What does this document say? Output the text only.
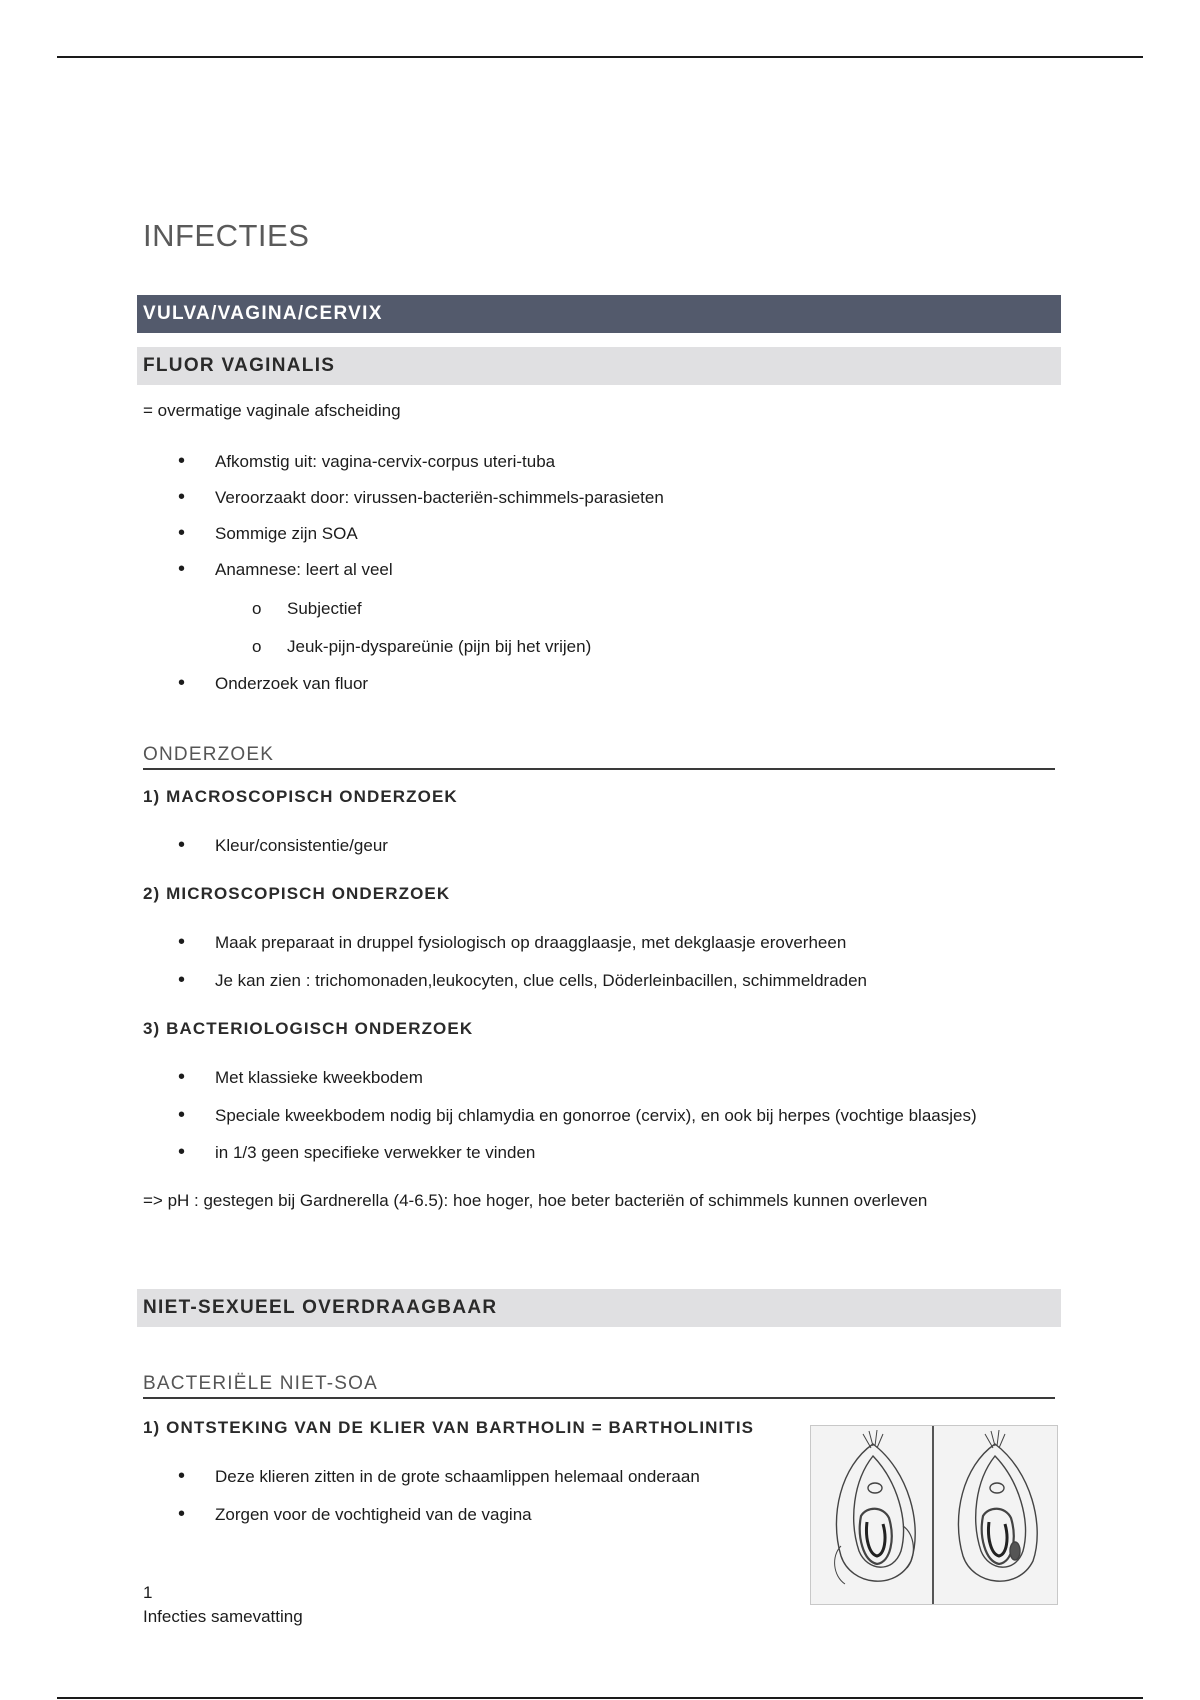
INFECTIES
VULVA/VAGINA/CERVIX
FLUOR VAGINALIS
= overmatige vaginale afscheiding
• Afkomstig uit: vagina-cervix-corpus uteri-tuba
• Veroorzaakt door: virussen-bacteriën-schimmels-parasieten
• Sommige zijn SOA
• Anamnese: leert al veel
o Subjectief
o Jeuk-pijn-dyspareünie (pijn bij het vrijen)
• Onderzoek van fluor
ONDERZOEK
1) MACROSCOPISCH ONDERZOEK
• Kleur/consistentie/geur
2) MICROSCOPISCH ONDERZOEK
• Maak preparaat in druppel fysiologisch op draagglaasje, met dekglaasje eroverheen
• Je kan zien : trichomonaden,leukocyten, clue cells, Döderleinbacillen, schimmeldraden
3) BACTERIOLOGISCH ONDERZOEK
• Met klassieke kweekbodem
• Speciale kweekbodem nodig bij chlamydia en gonorroe (cervix), en ook bij herpes (vochtige blaasjes)
• in 1/3 geen specifieke verwekker te vinden
=> pH : gestegen bij Gardnerella (4-6.5): hoe hoger, hoe beter bacteriën of schimmels kunnen overleven
NIET-SEXUEEL OVERDRAAGBAAR
BACTERIËLE NIET-SOA
1) ONTSTEKING VAN DE KLIER VAN BARTHOLIN = BARTHOLINITIS
• Deze klieren zitten in de grote schaamlippen helemaal onderaan
• Zorgen voor de vochtigheid van de vagina
1
Infecties samevatting
